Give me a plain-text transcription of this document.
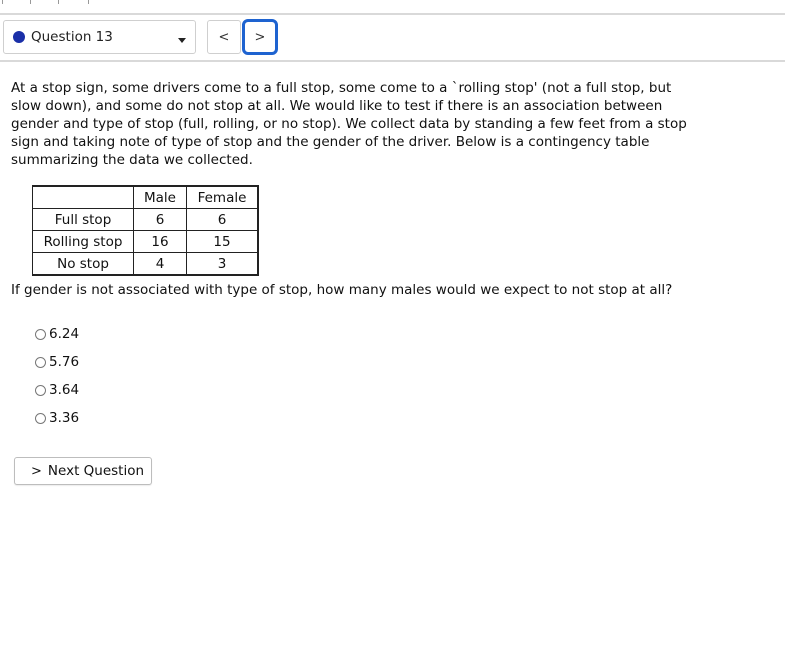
Question 13	< >
At a stop sign, some drivers come to a full stop, some come to a `rolling stop' (not a full stop, but slow down), and some do not stop at all. We would like to test if there is an association between gender and type of stop (full, rolling, or no stop). We collect data by standing a few feet from a stop sign and taking note of type of stop and the gender of the driver. Below is a contingency table summarizing the data we collected.
	Male	Female
Full stop	6	6
Rolling stop	16	15
No stop	4	3
If gender is not associated with type of stop, how many males would we expect to not stop at all?
6.24
5.76
3.64
3.36
> Next Question
